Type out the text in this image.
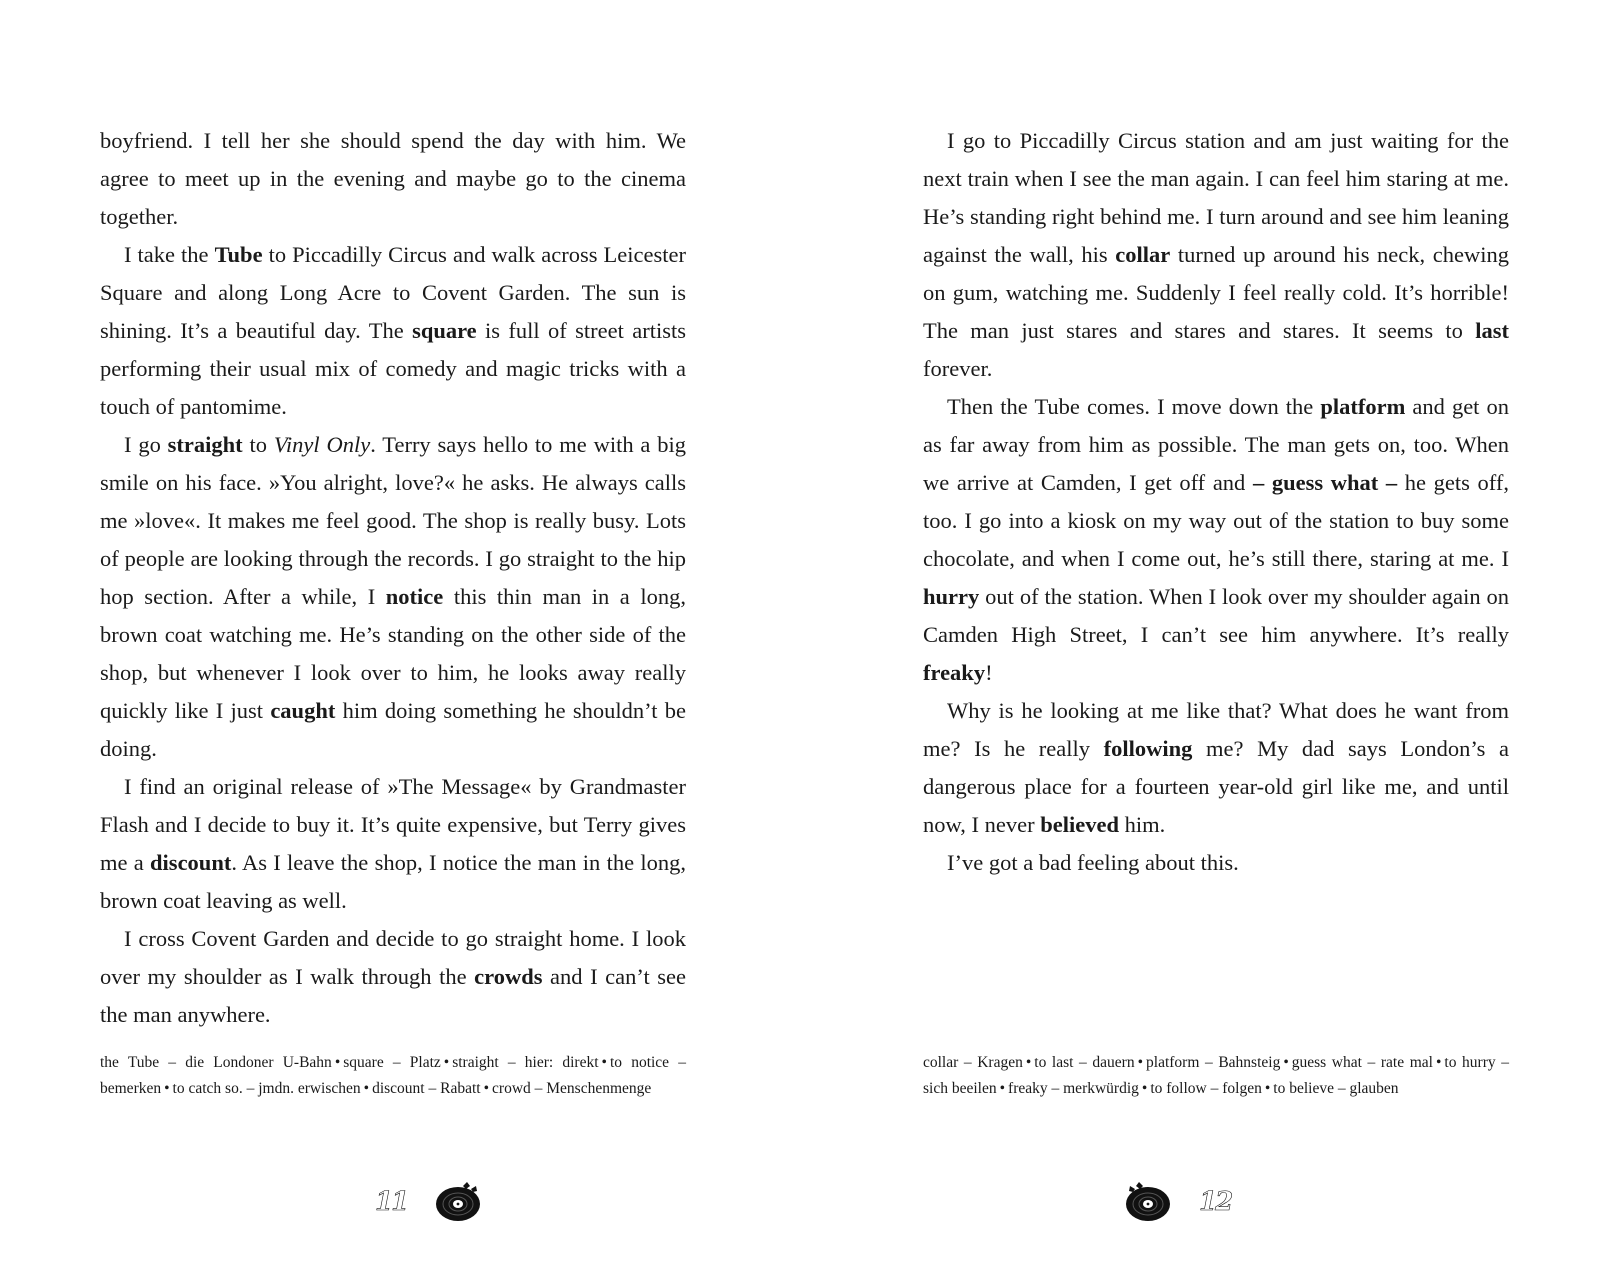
boyfriend. I tell her she should spend the day with him. We agree to meet up in the evening and maybe go to the cinema together.

I take the Tube to Piccadilly Circus and walk across Leicester Square and along Long Acre to Covent Garden. The sun is shining. It’s a beautiful day. The square is full of street artists performing their usual mix of comedy and magic tricks with a touch of pantomime.

I go straight to Vinyl Only. Terry says hello to me with a big smile on his face. »You alright, love?« he asks. He always calls me »love«. It makes me feel good. The shop is really busy. Lots of people are looking through the records. I go straight to the hip hop section. After a while, I notice this thin man in a long, brown coat watching me. He’s standing on the other side of the shop, but whenever I look over to him, he looks away really quickly like I just caught him doing something he shouldn’t be doing.

I find an original release of »The Message« by Grandmaster Flash and I decide to buy it. It’s quite expensive, but Terry gives me a discount. As I leave the shop, I notice the man in the long, brown coat leaving as well.

I cross Covent Garden and decide to go straight home. I look over my shoulder as I walk through the crowds and I can’t see the man anywhere.

the Tube – die Londoner U-Bahn • square – Platz • straight – hier: direkt • to notice – bemerken • to catch so. – jmdn. erwischen • discount – Rabatt • crowd – Menschenmenge

I go to Piccadilly Circus station and am just waiting for the next train when I see the man again. I can feel him staring at me. He’s standing right behind me. I turn around and see him leaning against the wall, his collar turned up around his neck, chewing on gum, watching me. Suddenly I feel really cold. It’s horrible! The man just stares and stares and stares. It seems to last forever.

Then the Tube comes. I move down the platform and get on as far away from him as possible. The man gets on, too. When we arrive at Camden, I get off and – guess what – he gets off, too. I go into a kiosk on my way out of the station to buy some chocolate, and when I come out, he’s still there, staring at me. I hurry out of the station. When I look over my shoulder again on Camden High Street, I can’t see him anywhere. It’s really freaky!

Why is he looking at me like that? What does he want from me? Is he really following me? My dad says London’s a dangerous place for a fourteen year-old girl like me, and until now, I never believed him.

I’ve got a bad feeling about this.

collar – Kragen • to last – dauern • platform – Bahnsteig • guess what – rate mal • to hurry – sich beeilen • freaky – merkwürdig • to follow – folgen • to believe – glauben

11	12
